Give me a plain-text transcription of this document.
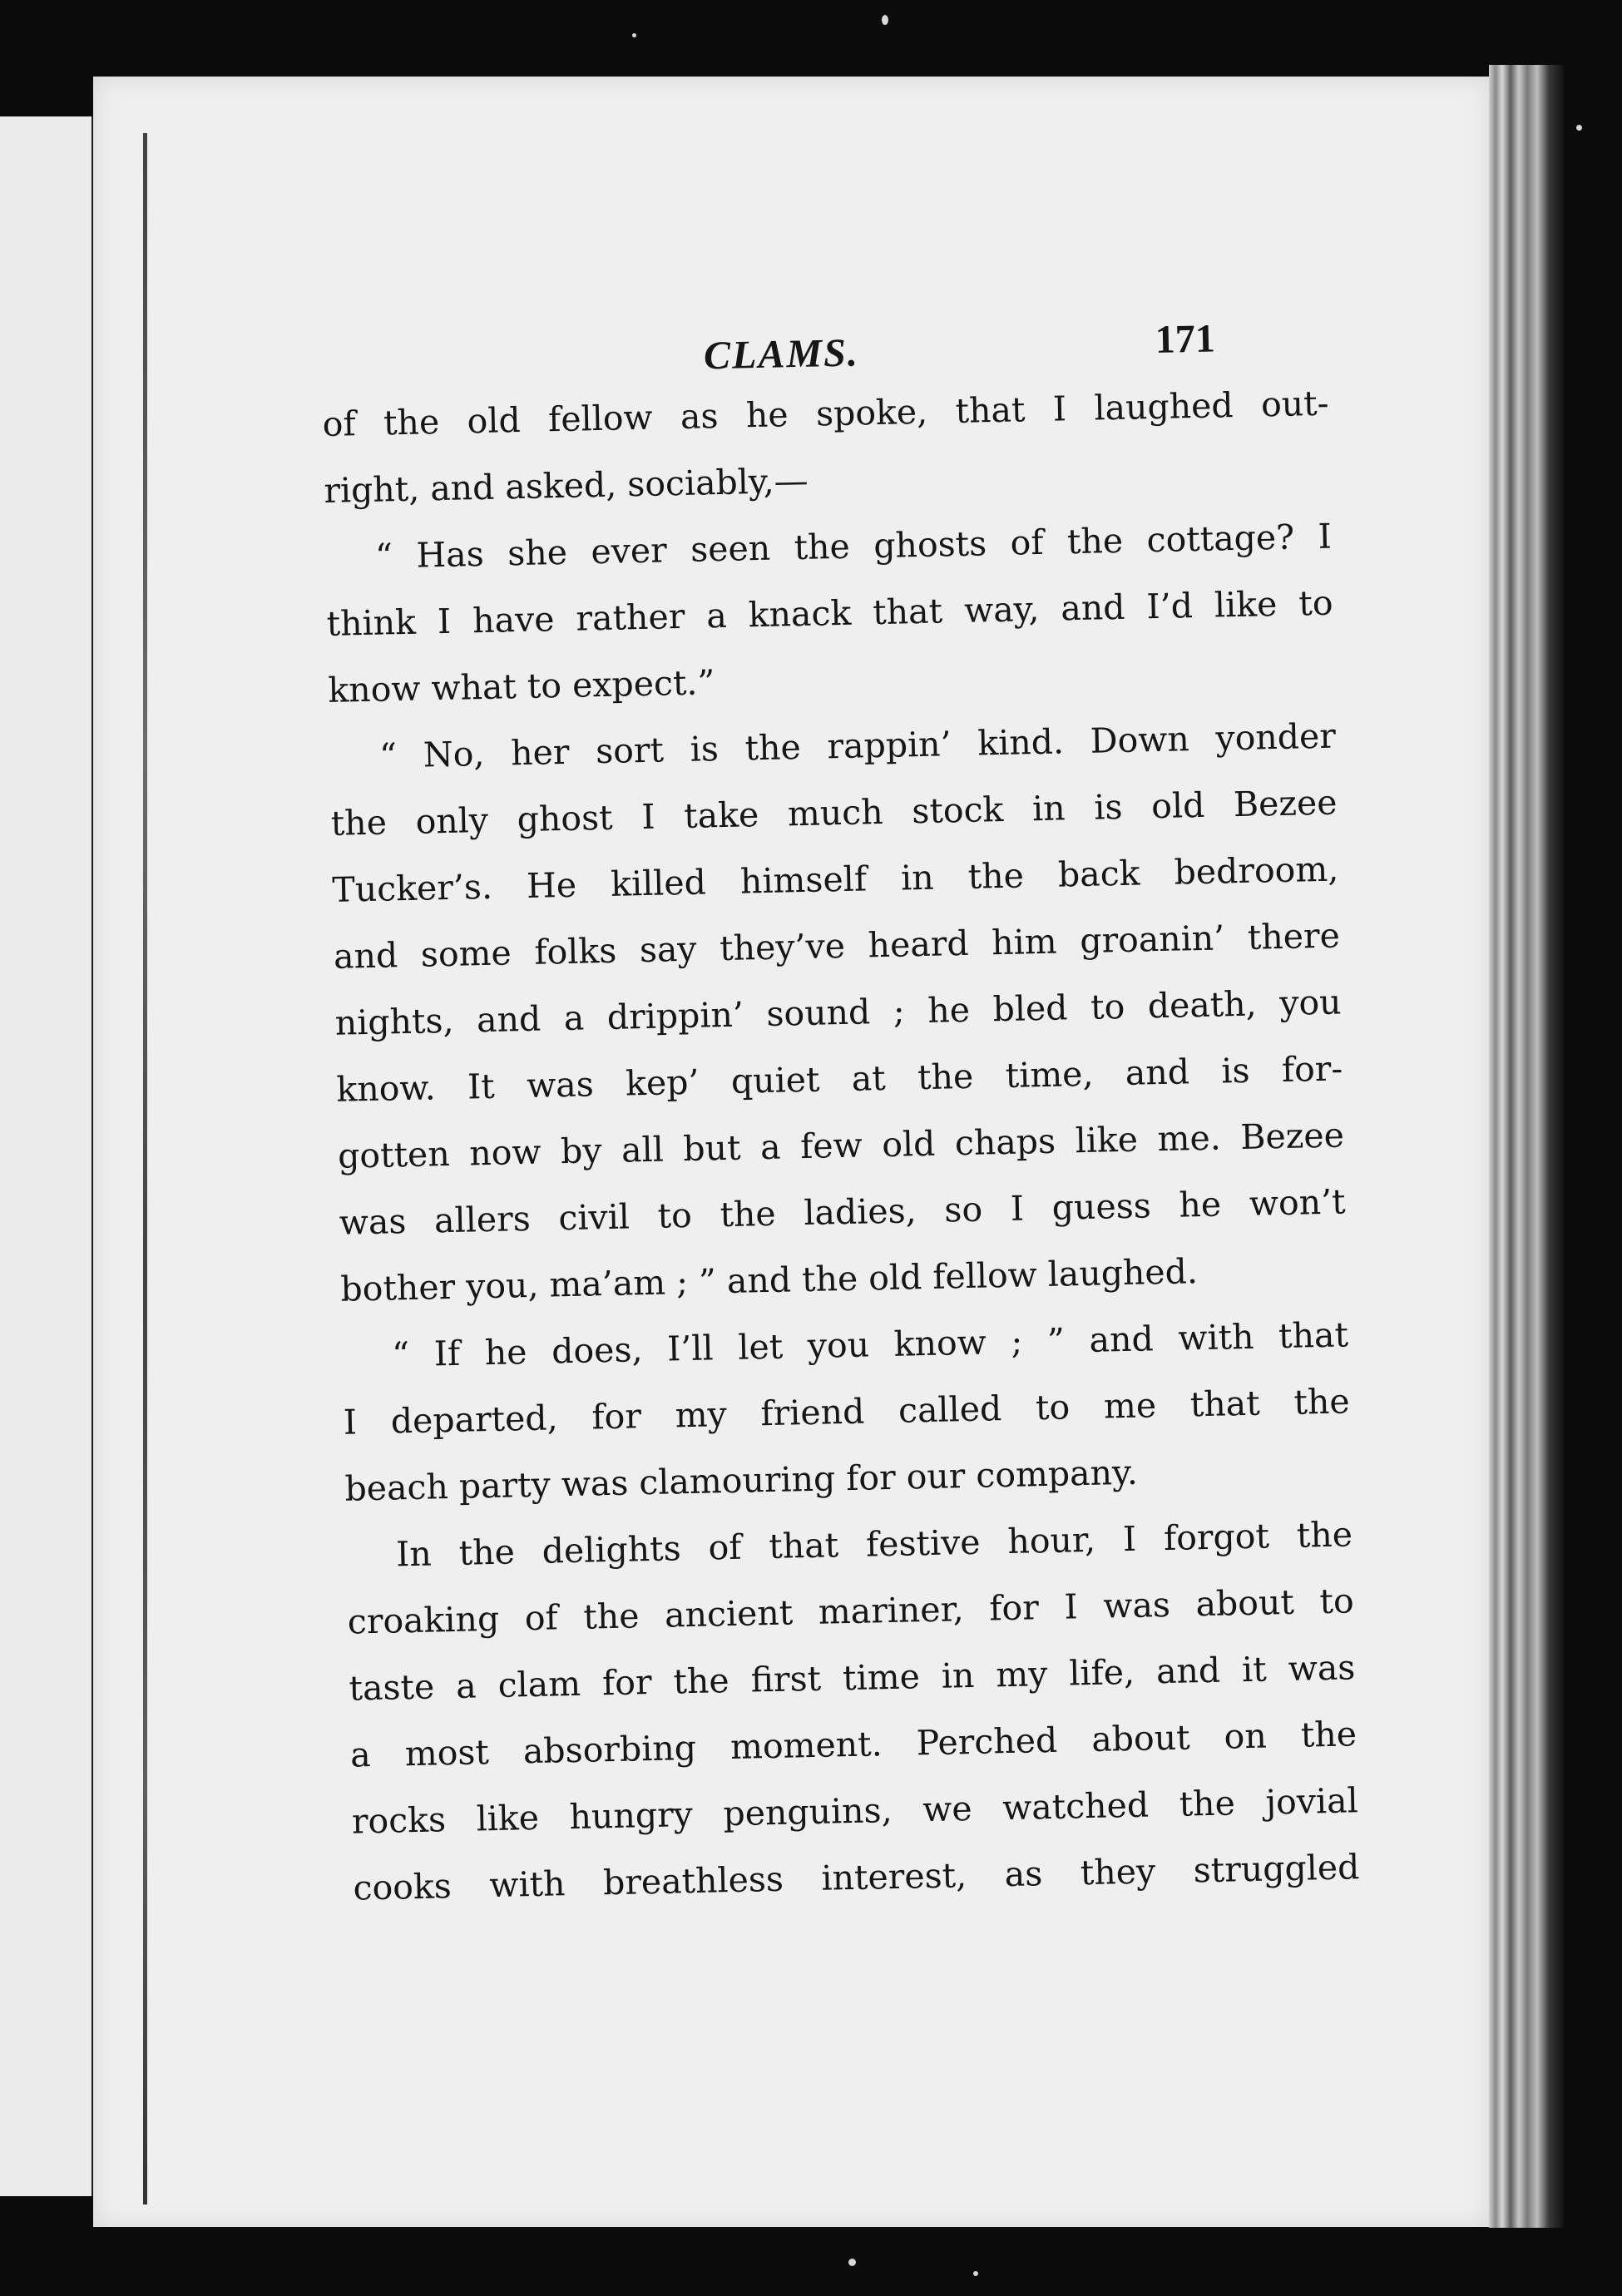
CLAMS.	171
of the old fellow as he spoke, that I laughed out-
right, and asked, sociably,—
“ Has she ever seen the ghosts of the cottage? I
think I have rather a knack that way, and I’d like to
know what to expect.”
“ No, her sort is the rappin’ kind. Down yonder
the only ghost I take much stock in is old Bezee
Tucker’s. He killed himself in the back bedroom,
and some folks say they’ve heard him groanin’ there
nights, and a drippin’ sound ; he bled to death, you
know. It was kep’ quiet at the time, and is for-
gotten now by all but a few old chaps like me. Bezee
was allers civil to the ladies, so I guess he won’t
bother you, ma’am ; ” and the old fellow laughed.
“ If he does, I’ll let you know ; ” and with that
I departed, for my friend called to me that the
beach party was clamouring for our company.
In the delights of that festive hour, I forgot the
croaking of the ancient mariner, for I was about to
taste a clam for the first time in my life, and it was
a most absorbing moment. Perched about on the
rocks like hungry penguins, we watched the jovial
cooks with breathless interest, as they struggled
